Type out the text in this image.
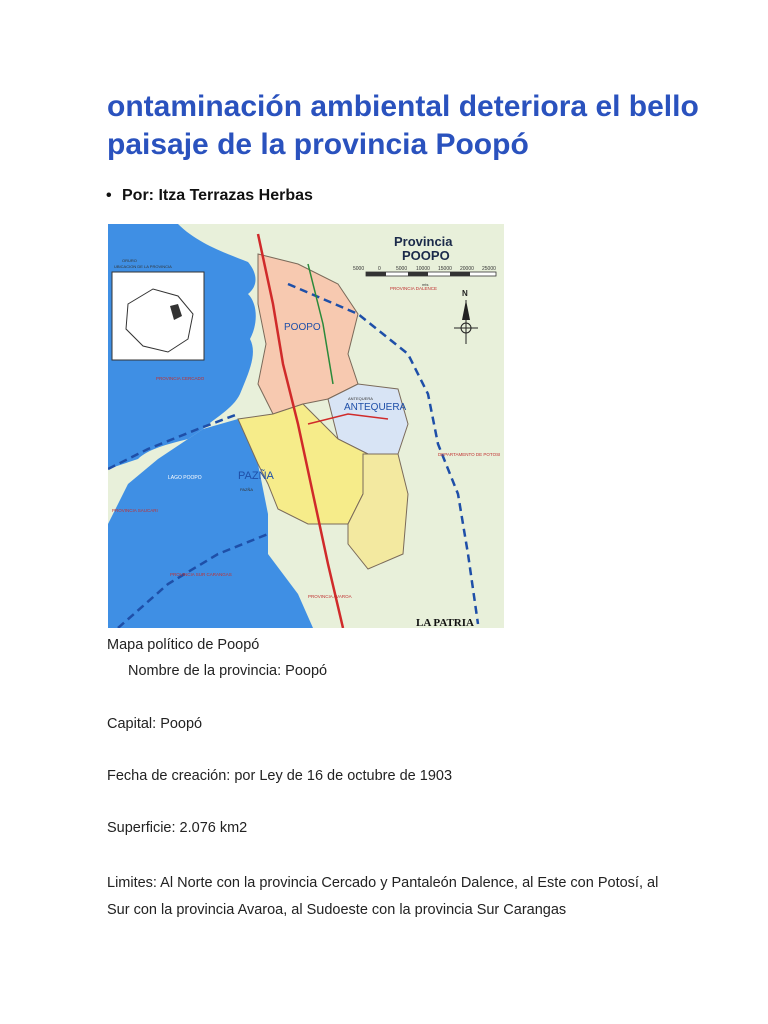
ontaminación ambiental deteriora el bello paisaje de la provincia Poopó
• Por: Itza Terrazas Herbas
ORURO
UBICACION DE LA PROVINCIA
Provincia
POOPO
5000	0	5000 10000 15000 20000 25000
mts
N
POOPO
ANTEQUERA
PAZÑA
LAGO POOPO
ANTEQUERA
PAZÑA
PROVINCIA DALENCE
PROVINCIA CERCADO
PROVINCIA SAUCARI
PROVINCIA SUR CARANGAS
PROVINCIA AVAROA
DEPARTAMENTO DE POTOSI
LA PATRIA
Mapa político de Poopó
Nombre de la provincia: Poopó
Capital: Poopó
Fecha de creación: por Ley de 16 de octubre de 1903
Superficie: 2.076 km2
Limites: Al Norte con la provincia Cercado y Pantaleón Dalence, al Este con Potosí, al Sur con la provincia Avaroa, al Sudoeste con la provincia Sur Carangas
